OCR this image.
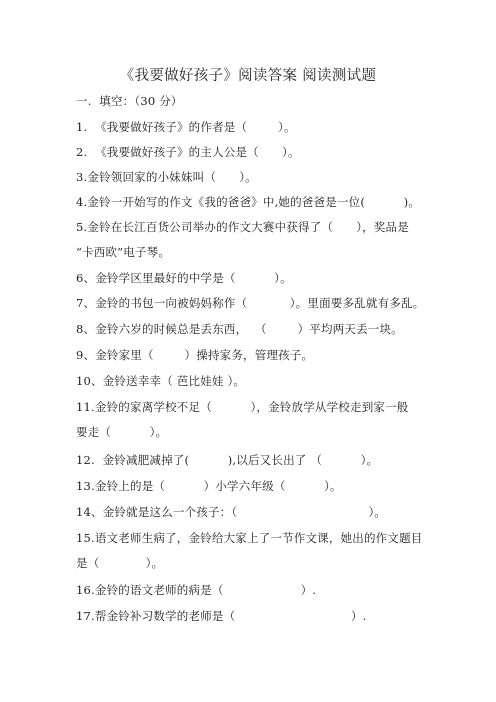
《我要做好孩子》阅读答案 阅读测试题
一.  填空：（30 分）
1.  《我要做好孩子》的作者是（        ）。
2.  《我要做好孩子》的主人公是（      ）。
3.金铃领回家的小妹妹叫（      ）。
4.金铃一开始写的作文《我的爸爸》中,她的爸爸是一位(          )。
5.金铃在长江百货公司举办的作文大赛中获得了（      ），奖品是
“卡西欧”电子琴。
6、金铃学区里最好的中学是（          ）。
7、金铃的书包一向被妈妈称作（           ）。里面要多乱就有多乱。
8、金铃六岁的时候总是丢东西，  （        ）平均两天丢一块。
9、金铃家里（        ）操持家务，管理孩子。
10、金铃送幸幸（ 芭比娃娃 ）。
11.金铃的家离学校不足（          ），金铃放学从学校走到家一般
要走（          ）。
12.  金铃减肥减掉了(          ),以后又长出了 （          ）。
13.金铃上的是（          ）小学六年级（          ）。
14、金铃就是这么一个孩子：（                                  ）。
15.语文老师生病了，金铃给大家上了一节作文课，她出的作文题目
是（            ）。
16.金铃的语文老师的病是（                    ）.
17.帮金铃补习数学的老师是（                              ）.
